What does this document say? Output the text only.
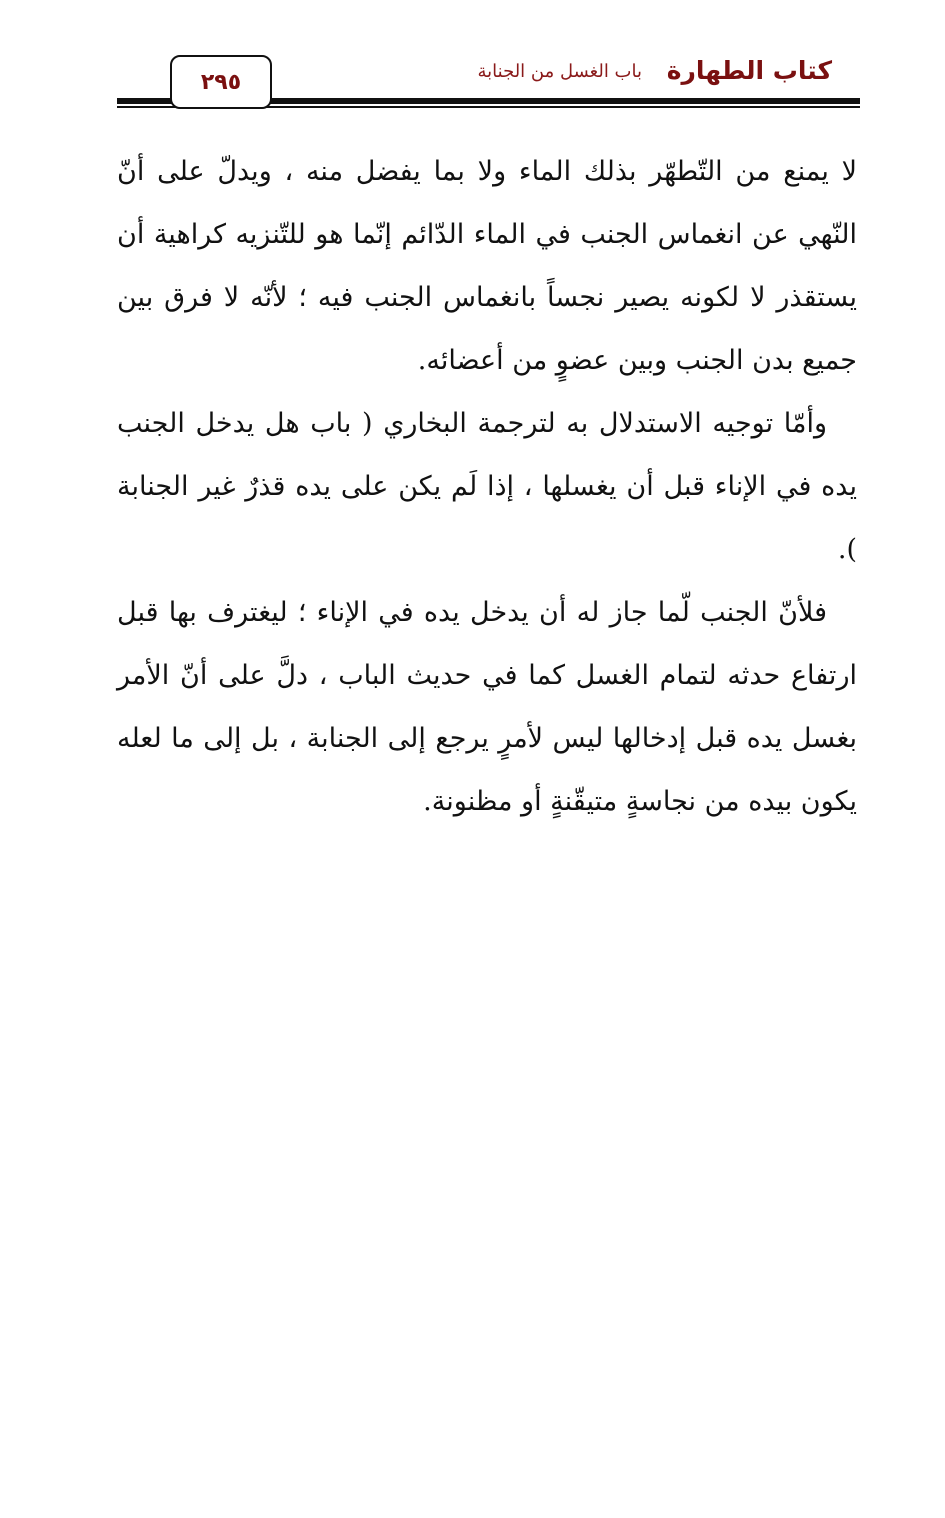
٢٩٥	باب الغسل من الجنابة كتاب الطهارة

لا يمنع من التّطهّر بذلك الماء ولا بما يفضل منه ، ويدلّ على أنّ النّهي عن انغماس الجنب في الماء الدّائم إنّما هو للتّنزيه كراهية أن يستقذر لا لكونه يصير نجساً بانغماس الجنب فيه ؛ لأنّه لا فرق بين جميع بدن الجنب وبين عضوٍ من أعضائه.

وأمّا توجيه الاستدلال به لترجمة البخاري ( باب هل يدخل الجنب يده في الإناء قبل أن يغسلها ، إذا لَم يكن على يده قذرٌ غير الجنابة ).

فلأنّ الجنب لّما جاز له أن يدخل يده في الإناء ؛ ليغترف بها قبل ارتفاع حدثه لتمام الغسل كما في حديث الباب ، دلَّ على أنّ الأمر بغسل يده قبل إدخالها ليس لأمرٍ يرجع إلى الجنابة ، بل إلى ما لعله يكون بيده من نجاسةٍ متيقّنةٍ أو مظنونة.
